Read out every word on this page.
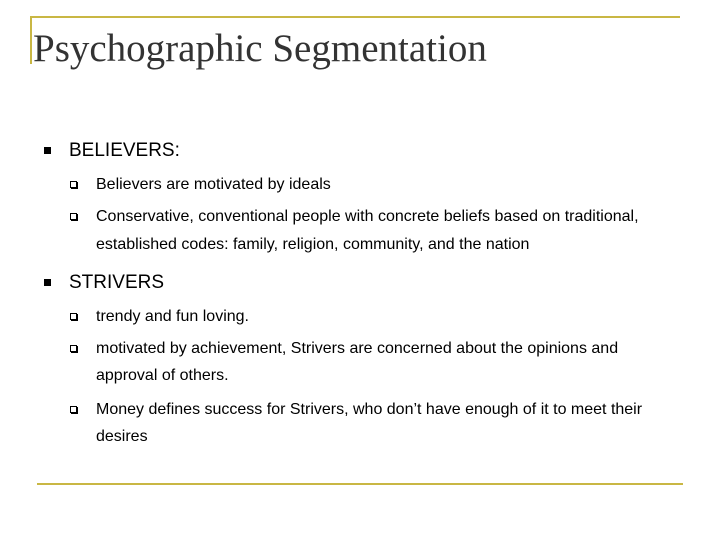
Psychographic Segmentation
BELIEVERS:
Believers are motivated by ideals
Conservative, conventional people with concrete beliefs based on traditional,
established codes: family, religion, community, and the nation
STRIVERS
trendy and fun loving.
motivated by achievement, Strivers are concerned about the opinions and
approval of others.
Money defines success for Strivers, who don’t have enough of it to meet their
desires
